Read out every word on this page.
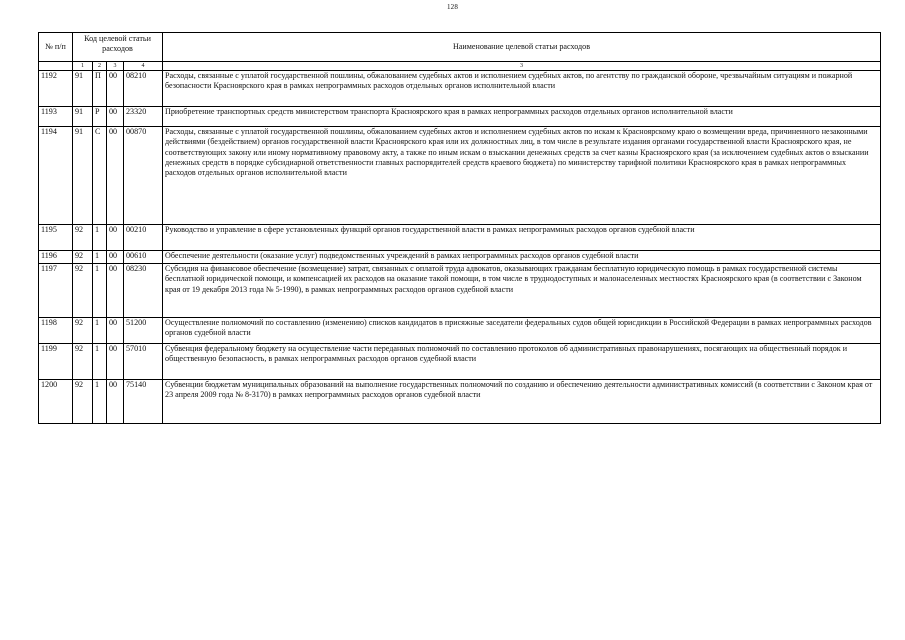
128
№ п/п	Код целевой статьи расходов				Наименование целевой статьи расходов
	1	2	3	4	3
1192	91	П	00	08210	Расходы, связанные с уплатой государственной пошлины, обжалованием судебных актов и исполнением судебных актов, по агентству по гражданской обороне, чрезвычайным ситуациям и пожарной безопасности Красноярского края в рамках непрограммных расходов отдельных органов исполнительной власти
1193	91	Р	00	23320	Приобретение транспортных средств министерством транспорта Красноярского края в рамках непрограммных расходов отдельных органов исполнительной власти
1194	91	С	00	00870	Расходы, связанные с уплатой государственной пошлины, обжалованием судебных актов и исполнением судебных актов по искам к Красноярскому краю о возмещении вреда, причиненного незаконными действиями (бездействием) органов государственной власти Красноярского края или их должностных лиц, в том числе в результате издания органами государственной власти Красноярского края, не соответствующих закону или иному нормативному правовому акту, а также по иным искам о взыскании денежных средств за счет казны Красноярского края (за исключением судебных актов о взыскании денежных средств в порядке субсидиарной ответственности главных распорядителей средств краевого бюджета) по министерству тарифной политики Красноярского края в рамках непрограммных расходов отдельных органов исполнительной власти
1195	92	1	00	00210	Руководство и управление в сфере установленных функций органов государственной власти в рамках непрограммных расходов органов судебной власти
1196	92	1	00	00610	Обеспечение деятельности (оказание услуг) подведомственных учреждений в рамках непрограммных расходов органов судебной власти
1197	92	1	00	08230	Субсидия на финансовое обеспечение (возмещение) затрат, связанных с оплатой труда адвокатов, оказывающих гражданам бесплатную юридическую помощь в рамках государственной системы бесплатной юридической помощи, и компенсацией их расходов на оказание такой помощи, в том числе в труднодоступных и малонаселенных местностях Красноярского края (в соответствии с Законом края от 19 декабря 2013 года № 5-1990), в рамках непрограммных расходов органов судебной власти
1198	92	1	00	51200	Осуществление полномочий по составлению (изменению) списков кандидатов в присяжные заседатели федеральных судов общей юрисдикции в Российской Федерации в рамках непрограммных расходов органов судебной власти
1199	92	1	00	57010	Субвенция федеральному бюджету на осуществление части переданных полномочий по составлению протоколов об административных правонарушениях, посягающих на общественный порядок и общественную безопасность, в рамках непрограммных расходов органов судебной власти
1200	92	1	00	75140	Субвенции бюджетам муниципальных образований на выполнение государственных полномочий по созданию и обеспечению деятельности административных комиссий (в соответствии с Законом края от 23 апреля 2009 года № 8-3170) в рамках непрограммных расходов органов судебной власти
